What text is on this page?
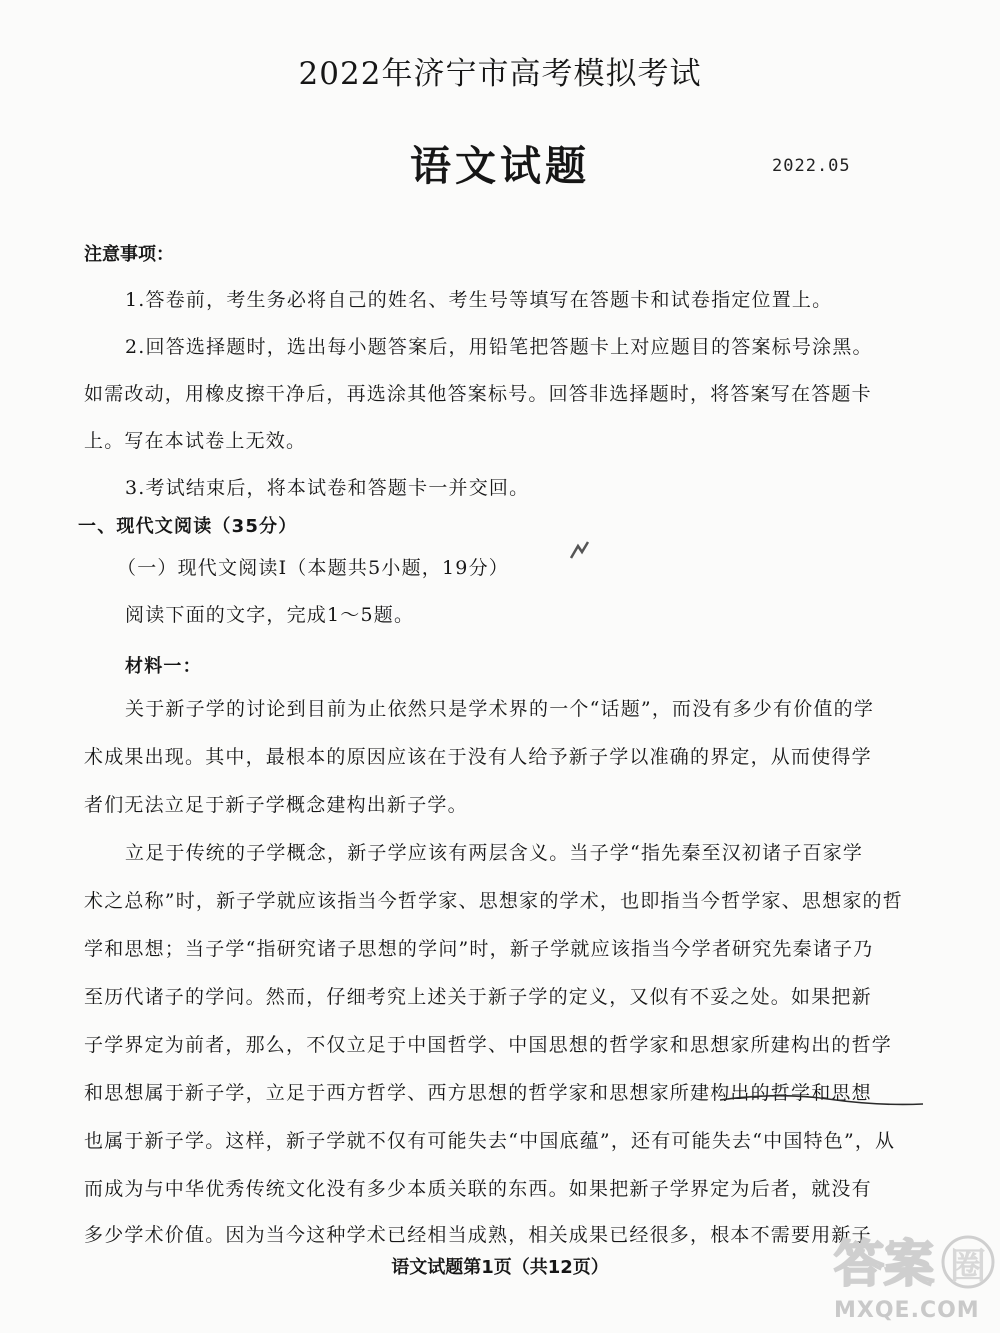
2022年济宁市高考模拟考试
语文试题	2022.05
注意事项：
1.答卷前，考生务必将自己的姓名、考生号等填写在答题卡和试卷指定位置上。
2.回答选择题时，选出每小题答案后，用铅笔把答题卡上对应题目的答案标号涂黑。
如需改动，用橡皮擦干净后，再选涂其他答案标号。回答非选择题时，将答案写在答题卡
上。写在本试卷上无效。
3.考试结束后，将本试卷和答题卡一并交回。
一、现代文阅读（35分）
（一）现代文阅读Ⅰ（本题共5小题，19分）
阅读下面的文字，完成1～5题。
材料一：
关于新子学的讨论到目前为止依然只是学术界的一个“话题”，而没有多少有价值的学
术成果出现。其中，最根本的原因应该在于没有人给予新子学以准确的界定，从而使得学
者们无法立足于新子学概念建构出新子学。
立足于传统的子学概念，新子学应该有两层含义。当子学“指先秦至汉初诸子百家学
术之总称”时，新子学就应该指当今哲学家、思想家的学术，也即指当今哲学家、思想家的哲
学和思想；当子学“指研究诸子思想的学问”时，新子学就应该指当今学者研究先秦诸子乃
至历代诸子的学问。然而，仔细考究上述关于新子学的定义，又似有不妥之处。如果把新
子学界定为前者，那么，不仅立足于中国哲学、中国思想的哲学家和思想家所建构出的哲学
和思想属于新子学，立足于西方哲学、西方思想的哲学家和思想家所建构出的哲学和思想
也属于新子学。这样，新子学就不仅有可能失去“中国底蕴”，还有可能失去“中国特色”，从
而成为与中华优秀传统文化没有多少本质关联的东西。如果把新子学界定为后者，就没有
多少学术价值。因为当今这种学术已经相当成熟，相关成果已经很多，根本不需要用新子
语文试题第1页（共12页）	答案 圈
MXQE.COM
